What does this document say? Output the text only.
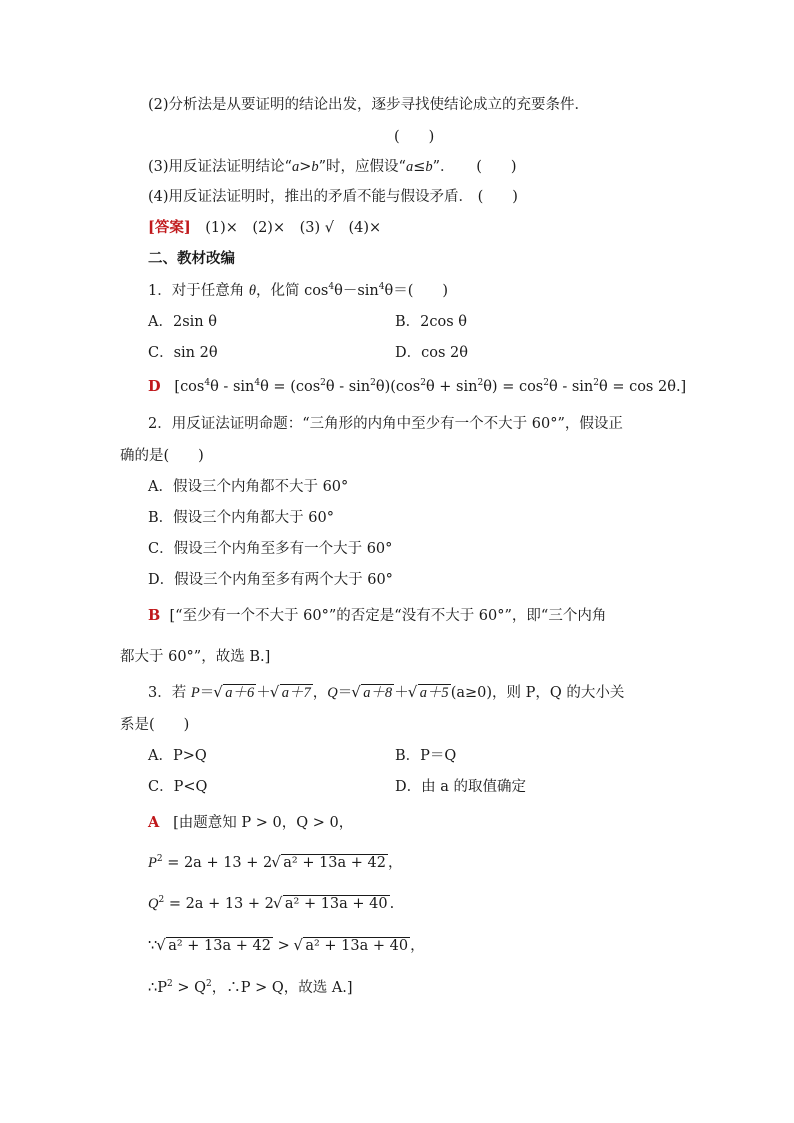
(2)分析法是从要证明的结论出发，逐步寻找使结论成立的充要条件．
(　　)
(3)用反证法证明结论“a>b”时，应假设“a≤b”．　　(　　)
(4)用反证法证明时，推出的矛盾不能与假设矛盾． (　　)
[答案]　(1)×　(2)×　(3) √　(4)×
二、教材改编
1．对于任意角 θ，化简 $\cos^4\theta-\sin^4\theta=$(　　)
A．2sin θ	B．2cos θ
C．sin 2θ	D．cos 2θ
D $[\cos^4\theta - \sin^4\theta = (\cos^2\theta - \sin^2\theta)(\cos^2\theta + \sin^2\theta) = \cos^2\theta - \sin^2\theta = \cos 2\theta.]$
2．用反证法证明命题：“三角形的内角中至少有一个不大于 60°”，假设正
确的是(　　)
A．假设三个内角都不大于 60°
B．假设三个内角都大于 60°
C．假设三个内角至多有一个大于 60°
D．假设三个内角至多有两个大于 60°
B [“至少有一个不大于 60°”的否定是“没有不大于 60°”，即“三个内角
都大于 60°”，故选 B.]
3．若 P＝√ a＋6 ＋√ a＋7 ，Q＝√ a＋8 ＋√ a＋5 (a≥0)，则 P，Q 的大小关
系是(　　)
A．P>Q	B．P＝Q
C．P<Q	D．由 a 的取值确定
A [由题意知 P > 0，Q > 0，
$P^2 = 2a + 13 + 2√$ a² + 13a + 42 ，
$Q^2 = 2a + 13 + 2√$ a² + 13a + 40 .
∵√ a² + 13a + 42 > √ a² + 13a + 40 ，
$\therefore P^2 > Q^2$，∴P > Q，故选 A.]
